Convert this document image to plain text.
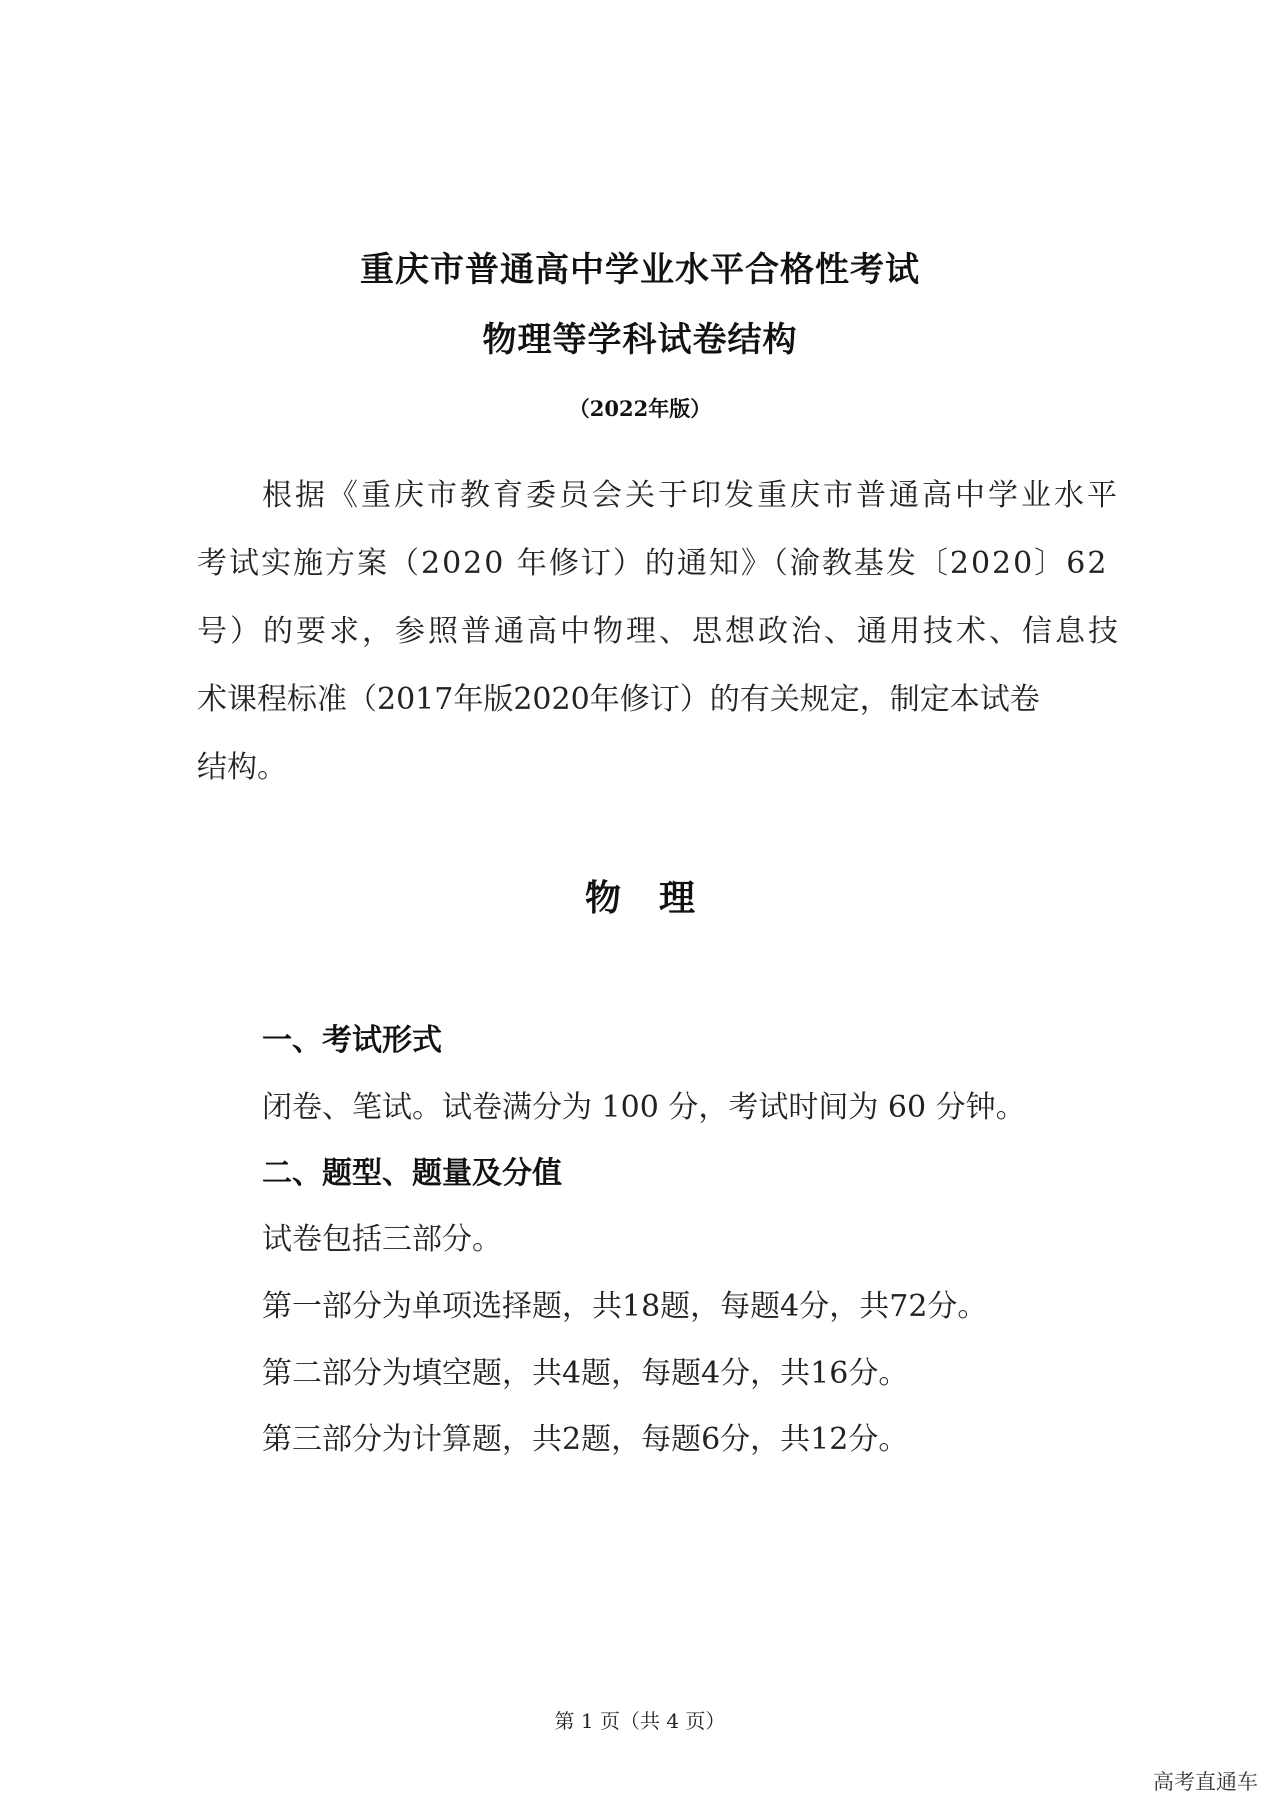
重庆市普通高中学业水平合格性考试
物理等学科试卷结构
（2022年版）
根据《重庆市教育委员会关于印发重庆市普通高中学业水平
考试实施方案（2020 年修订）的通知》（渝教基发〔2020〕62
号）的要求，参照普通高中物理、思想政治、通用技术、信息技
术课程标准（2017年版2020年修订）的有关规定，制定本试卷
结构。
物理
一、考试形式
闭卷、笔试。试卷满分为 100 分，考试时间为 60 分钟。
二、题型、题量及分值
试卷包括三部分。
第一部分为单项选择题，共18题，每题4分，共72分。
第二部分为填空题，共4题，每题4分，共16分。
第三部分为计算题，共2题，每题6分，共12分。
第 1 页（共 4 页）
高考直通车
